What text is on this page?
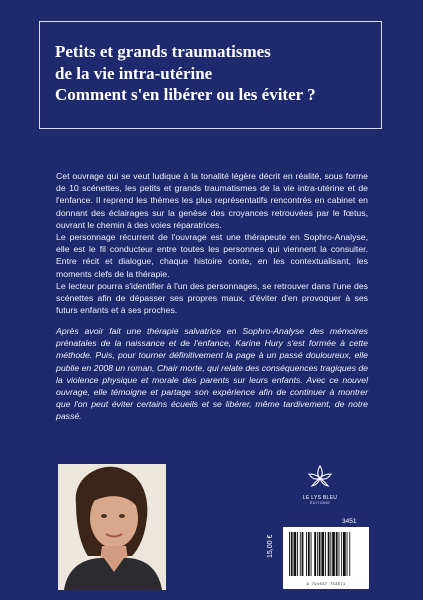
Petits et grands traumatismes
de la vie intra-utérine
Comment s'en libérer ou les éviter ?

Cet ouvrage qui se veut ludique à la tonalité légère décrit en réalité, sous forme de 10 scénettes, les petits et grands traumatismes de la vie intra-utérine et de l'enfance. Il reprend les thèmes les plus représentatifs rencontrés en cabinet en donnant des éclairages sur la genèse des croyances retrouvées par le fœtus, ouvrant le chemin à des voies réparatrices.

Le personnage récurrent de l'ouvrage est une thérapeute en Sophro-Analyse, elle est le fil conducteur entre toutes les personnes qui viennent la consulter. Entre récit et dialogue, chaque histoire conte, en les contextualisant, les moments clefs de la thérapie.

Le lecteur pourra s'identifier à l'un des personnages, se retrouver dans l'une des scénettes afin de dépasser ses propres maux, d'éviter d'en provoquer à ses futurs enfants et à ses proches.

Après avoir fait une thérapie salvatrice en Sophro-Analyse des mémoires prénatales de la naissance et de l'enfance, Karine Hury s'est formée à cette méthode. Puis, pour tourner définitivement la page à un passé douloureux, elle publie en 2008 un roman, Chair morte, qui relate des conséquences tragiques de la violence physique et morale des parents sur leurs enfants. Avec ce nouvel ouvrage, elle témoigne et partage son expérience afin de continuer à montrer que l'on peut éviter certains écueils et se libérer, même tardivement, de notre passé.

LE LYS BLEU
ÉDITIONS
3451
15,00 €
9 791037 753571
